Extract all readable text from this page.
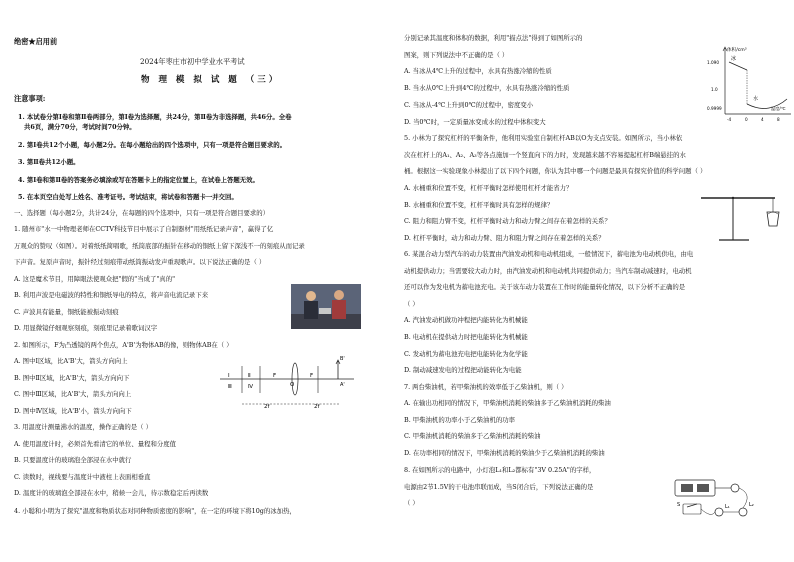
绝密★启用前
2024年枣庄市初中学业水平考试
物 理 模 拟 试 题 （三）
注意事项:
1. 本试卷分第Ⅰ卷和第Ⅱ卷两部分，第Ⅰ卷为选择题，共24分，第Ⅱ卷为非选择题，共46分。全卷
共6页，满分70分，考试时间70分钟。
2. 第Ⅰ卷共12个小题，每小题2分。在每小题给出的四个选项中，只有一项是符合题目要求的。
3. 第Ⅱ卷共12小题。
4. 第Ⅰ卷和第Ⅱ卷的答案务必填涂或写在答题卡上的指定位置上，在试卷上答题无效。
5. 在本页空白处写上姓名、准考证号。考试结束，将试卷和答题卡一并交回。
一、选择题（每小题2分，共计24分，在每题的四个选项中，只有一项是符合题目要求的）
1. 随州市"水一中物理老师在CCTV科技节目中展示了自制器材"用纸纸记录声音"，赢得了亿
万观众的赞叹（如图）。对着纸纸简唱歌，纸筒底部的振针在移动的铜纸上留下深浅不一的刻痕从而记录
下声音。复原声音时，振针经过刻痕带动纸筒振动发声重现歌声。以下说法正确的是（ ）
A. 这是魔术节目，用障眼法使观众把"假的"当成了"真的"
B. 利用声波是电磁波的特性和铜纸导电的特点，将声音电流记录下来
C. 声波具有能量，铜纸能被振动刻痕
D. 用显微镜仔细观察刻痕，刻痕里记录着歌词汉字
2. 如图所示，F为凸透镜的两个焦点，A'B'为物体AB的像，则物体AB在（ ）
A. 图中Ⅰ区域，比A'B'大，箭头方向向上
B. 图中Ⅱ区域，比A'B'大，箭头方向向下
C. 图中Ⅲ区域，比A'B'大，箭头方向向上
D. 图中Ⅳ区域，比A'B'小，箭头方向向下
3. 用温度计测量沸水的温度，操作正确的是（ ）
A. 使用温度计时，必须首先看清它的单位、量程和分度值
B. 只要温度计的玻璃泡全部浸在水中就行
C. 读数时，视线要与温度计中液柱上表面相垂直
D. 温度计的玻璃泡全部浸在水中，稍候一会儿，待示数稳定后再读数
4. 小聪和小明为了探究"温度和物质状态对同种物质密度的影响"，在一定的环境下将10g的冰加热，
分别记录其温度和体积的数据，利用"描点法"得到了如图所示的
图案，则下列说法中不正确的是（ ）
A. 当冰从4℃上升的过程中，水具有热涨冷缩的性质
B. 当水从0℃上升到4℃的过程中，水具有热涨冷缩的性质
C. 当冰从-4℃上升到0℃的过程中，密度变小
D. 当0℃时，一定质量冰变成水的过程中体积变大
5. 小林为了探究杠杆的平衡条件，他利用实验室自制杠杆AB以O为支点安装。如图所示，当小林依
次在杠杆上的A₁、A₂、A₃等各点施加一个竖直向下的力时，发现越来越不容易提起杠杆B端悬挂的水
桶。根据这一实验现象小林提出了以下四个问题，你认为其中哪一个问题是最具有探究价值的科学问题（ ）
A. 水桶重和位置不变，杠杆平衡时怎样使用杠杆才能省力？
B. 水桶重和位置不变，杠杆平衡时具有怎样的规律？
C. 阻力和阻力臂不变，杠杆平衡时动力和动力臂之间存在着怎样的关系？
D. 杠杆平衡时，动力和动力臂、阻力和阻力臂之间存在着怎样的关系？
6. 某混合动力型汽车的动力装置由汽油发动机和电动机组成，一般情况下，蓄电池为电动机供电，由电
动机提供动力；当需要较大动力时，由汽油发动机和电动机共同提供动力；当汽车制动减速时，电动机
还可以作为发电机为蓄电池充电。关于该车动力装置在工作时的能量转化情况，以下分析不正确的是
（ ）
A. 汽油发动机做功冲程把内能转化为机械能
B. 电动机在提供动力时把电能转化为机械能
C. 发动机为蓄电池充电把电能转化为化学能
D. 制动减速发电的过程把动能转化为电能
7. 两台柴油机，若甲柴油机的效率低于乙柴油机，则（ ）
A. 在输出功相同的情况下，甲柴油机消耗的柴油多于乙柴油机消耗的柴油
B. 甲柴油机的功率小于乙柴油机的功率
C. 甲柴油机消耗的柴油多于乙柴油机消耗的柴油
D. 在功率相同的情况下，甲柴油机消耗的柴油少于乙柴油机消耗的柴油
8. 在如图所示的电路中，小灯泡L₁和L₂都标有"3V 0.25A"的字样，
电源由2节1.5V的干电池串联而成，当S闭合后，下列说法正确的是
（ ）
Ⅰ	Ⅱ
Ⅲ	Ⅳ
F
O
F
B'
A'
2f	2f
体积/cm³
温度/℃
1.090
1.0
0.9999
冰
水
-4	0	4	8
S	L₁	L₂
